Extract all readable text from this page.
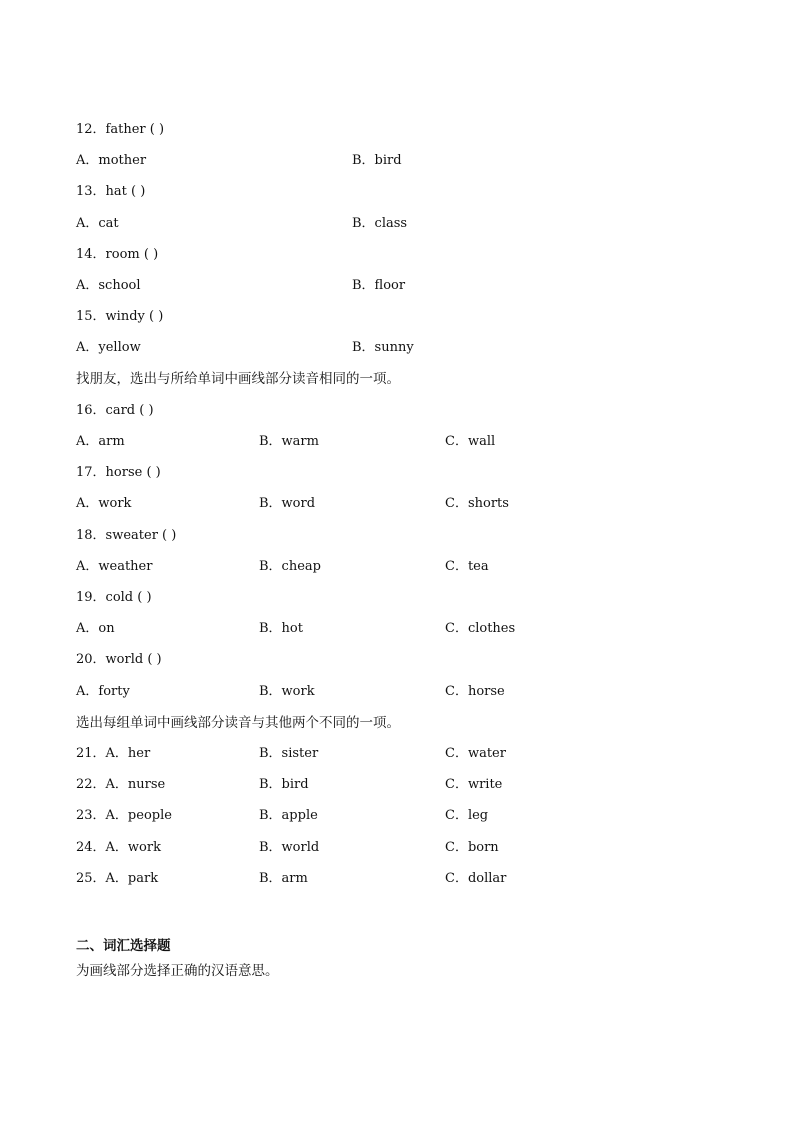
12．father ( )
A．mother	B．bird
13．hat ( )
A．cat	B．class
14．room ( )
A．school	B．floor
15．windy ( )
A．yellow	B．sunny
找朋友，选出与所给单词中画线部分读音相同的一项。
16．card ( )
A．arm	B．warm	C．wall
17．horse ( )
A．work	B．word	C．shorts
18．sweater ( )
A．weather	B．cheap	C．tea
19．cold ( )
A．on	B．hot	C．clothes
20．world ( )
A．forty	B．work	C．horse
选出每组单词中画线部分读音与其他两个不同的一项。
21．A．her	B．sister	C．water
22．A．nurse	B．bird	C．write
23．A．people	B．apple	C．leg
24．A．work	B．world	C．born
25．A．park	B．arm	C．dollar
二、词汇选择题
为画线部分选择正确的汉语意思。
